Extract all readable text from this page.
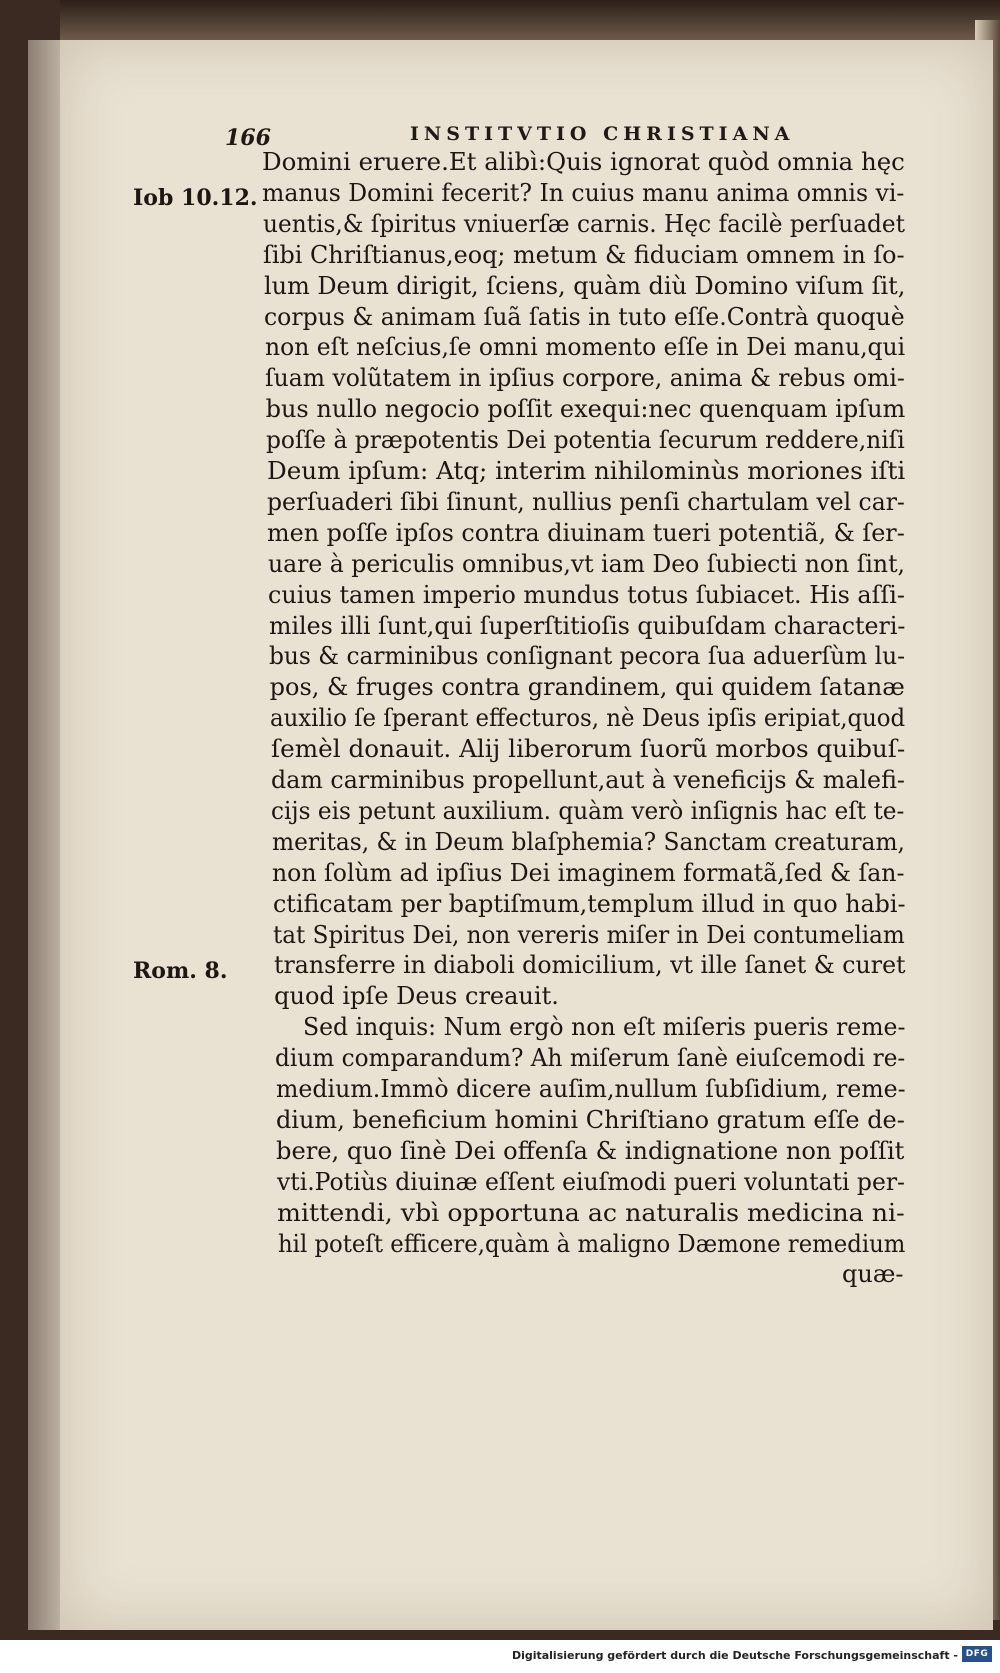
166	INSTITVTIO CHRISTIANA
Iob 10.12.
Rom. 8.
Domini eruere.Et alibì:Quis ignorat quòd omnia hęc
manus Domini fecerit? In cuius manu anima omnis vi-
uentis,& ſpiritus vniuerſæ carnis. Hęc facilè perſuadet
ſibi Chriſtianus,eoq; metum & fiduciam omnem in ſo-
lum Deum dirigit, ſciens, quàm diù Domino viſum ſit,
corpus & animam ſuã ſatis in tuto eſſe.Contrà quoquè
non eſt neſcius,ſe omni momento eſſe in Dei manu,qui
ſuam volũtatem in ipſius corpore, anima & rebus omi-
bus nullo negocio poſſit exequi:nec quenquam ipſum
poſſe à præpotentis Dei potentia ſecurum reddere,niſi
Deum ipſum: Atq; interim nihilominùs moriones iſti
perſuaderi ſibi ſinunt, nullius penſi chartulam vel car-
men poſſe ipſos contra diuinam tueri potentiã, & ſer-
uare à periculis omnibus,vt iam Deo ſubiecti non ſint,
cuius tamen imperio mundus totus ſubiacet. His aſſi-
miles illi ſunt,qui ſuperſtitioſis quibuſdam characteri-
bus & carminibus conſignant pecora ſua aduerſùm lu-
pos, & fruges contra grandinem, qui quidem ſatanæ
auxilio ſe ſperant effecturos, nè Deus ipſis eripiat,quod
ſemèl donauit. Alij liberorum ſuorũ morbos quibuſ-
dam carminibus propellunt,aut à veneficijs & malefi-
cijs eis petunt auxilium. quàm verò inſignis hac eſt te-
meritas, & in Deum blaſphemia? Sanctam creaturam,
non ſolùm ad ipſius Dei imaginem formatã,ſed & ſan-
ctificatam per baptiſmum,templum illud in quo habi-
tat Spiritus Dei, non vereris miſer in Dei contumeliam
transferre in diaboli domicilium, vt ille ſanet & curet
quod ipſe Deus creauit.
Sed inquis: Num ergò non eſt miſeris pueris reme-
dium comparandum? Ah miſerum ſanè eiuſcemodi re-
medium.Immò dicere auſim,nullum ſubſidium, reme-
dium, beneficium homini Chriſtiano gratum eſſe de-
bere, quo ſinè Dei offenſa & indignatione non poſſit
vti.Potiùs diuinæ eſſent eiuſmodi pueri voluntati per-
mittendi, vbì opportuna ac naturalis medicina ni-
hil poteſt efficere,quàm à maligno Dæmone remedium
quæ-
Digitalisierung gefördert durch die Deutsche Forschungsgemeinschaft - DFG
